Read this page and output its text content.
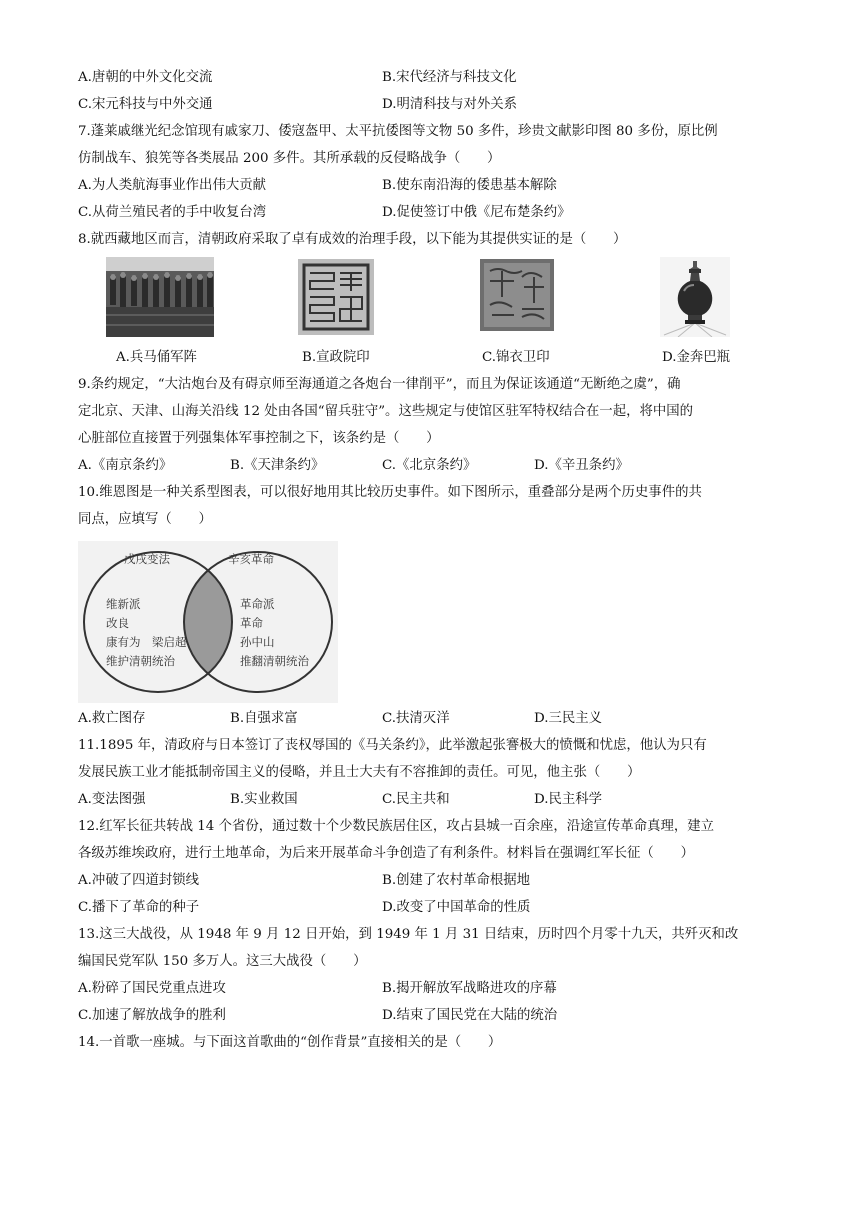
A.唐朝的中外文化交流	B.宋代经济与科技文化
C.宋元科技与中外交通	D.明清科技与对外关系
7.蓬莱戚继光纪念馆现有戚家刀、倭寇盔甲、太平抗倭图等文物 50 多件，珍贵文献影印图 80 多份，原比例
仿制战车、狼筅等各类展品 200 多件。其所承载的反侵略战争（　　）
A.为人类航海事业作出伟大贡献	B.使东南沿海的倭患基本解除
C.从荷兰殖民者的手中收复台湾	D.促使签订中俄《尼布楚条约》
8.就西藏地区而言，清朝政府采取了卓有成效的治理手段，以下能为其提供实证的是（　　）
A.兵马俑军阵	B.宣政院印	C.锦衣卫印	D.金奔巴瓶
9.条约规定，“大沽炮台及有碍京师至海通道之各炮台一律削平”，而且为保证该通道“无断绝之虞”，确
定北京、天津、山海关沿线 12 处由各国“留兵驻守”。这些规定与使馆区驻军特权结合在一起，将中国的
心脏部位直接置于列强集体军事控制之下，该条约是（　　）
A.《南京条约》	B.《天津条约》	C.《北京条约》	D.《辛丑条约》
10.维恩图是一种关系型图表，可以很好地用其比较历史事件。如下图所示，重叠部分是两个历史事件的共
同点，应填写（　　）
戊戌变法
维新派
改良
康有为　梁启超
维护清朝统治
辛亥革命
革命派
革命
孙中山
推翻清朝统治
A.救亡图存	B.自强求富	C.扶清灭洋	D.三民主义
11.1895 年，清政府与日本签订了丧权辱国的《马关条约》，此举激起张謇极大的愤慨和忧虑，他认为只有
发展民族工业才能抵制帝国主义的侵略，并且士大夫有不容推卸的责任。可见，他主张（　　）
A.变法图强	B.实业救国	C.民主共和	D.民主科学
12.红军长征共转战 14 个省份，通过数十个少数民族居住区，攻占县城一百余座，沿途宣传革命真理，建立
各级苏维埃政府，进行土地革命，为后来开展革命斗争创造了有利条件。材料旨在强调红军长征（　　）
A.冲破了四道封锁线	B.创建了农村革命根据地
C.播下了革命的种子	D.改变了中国革命的性质
13.这三大战役，从 1948 年 9 月 12 日开始，到 1949 年 1 月 31 日结束，历时四个月零十九天，共歼灭和改
编国民党军队 150 多万人。这三大战役（　　）
A.粉碎了国民党重点进攻	B.揭开解放军战略进攻的序幕
C.加速了解放战争的胜利	D.结束了国民党在大陆的统治
14.一首歌一座城。与下面这首歌曲的“创作背景”直接相关的是（　　）
